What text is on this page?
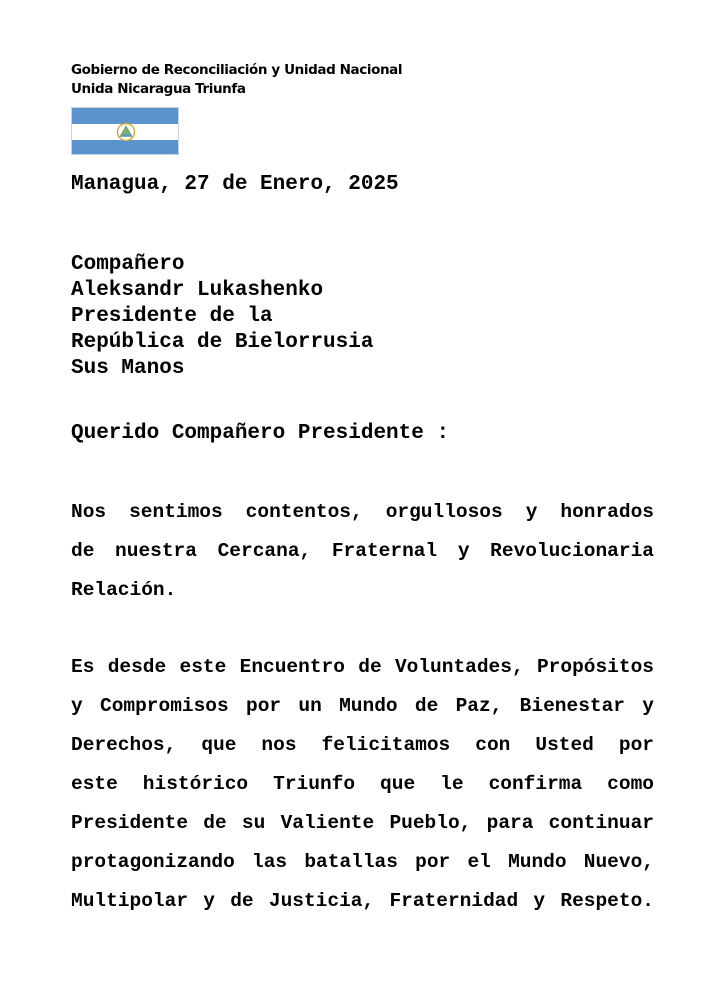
Gobierno de Reconciliación y Unidad Nacional
Unida Nicaragua Triunfa
Managua, 27 de Enero, 2025
Compañero
Aleksandr Lukashenko
Presidente de la
República de Bielorrusia
Sus Manos
Querido Compañero Presidente :
Nos sentimos contentos, orgullosos y honrados
de nuestra Cercana, Fraternal y Revolucionaria
Relación.
Es desde este Encuentro de Voluntades, Propósitos
y Compromisos por un Mundo de Paz, Bienestar y
Derechos, que nos felicitamos con Usted por
este histórico Triunfo que le confirma como
Presidente de su Valiente Pueblo, para continuar
protagonizando las batallas por el Mundo Nuevo,
Multipolar y de Justicia, Fraternidad y Respeto.
